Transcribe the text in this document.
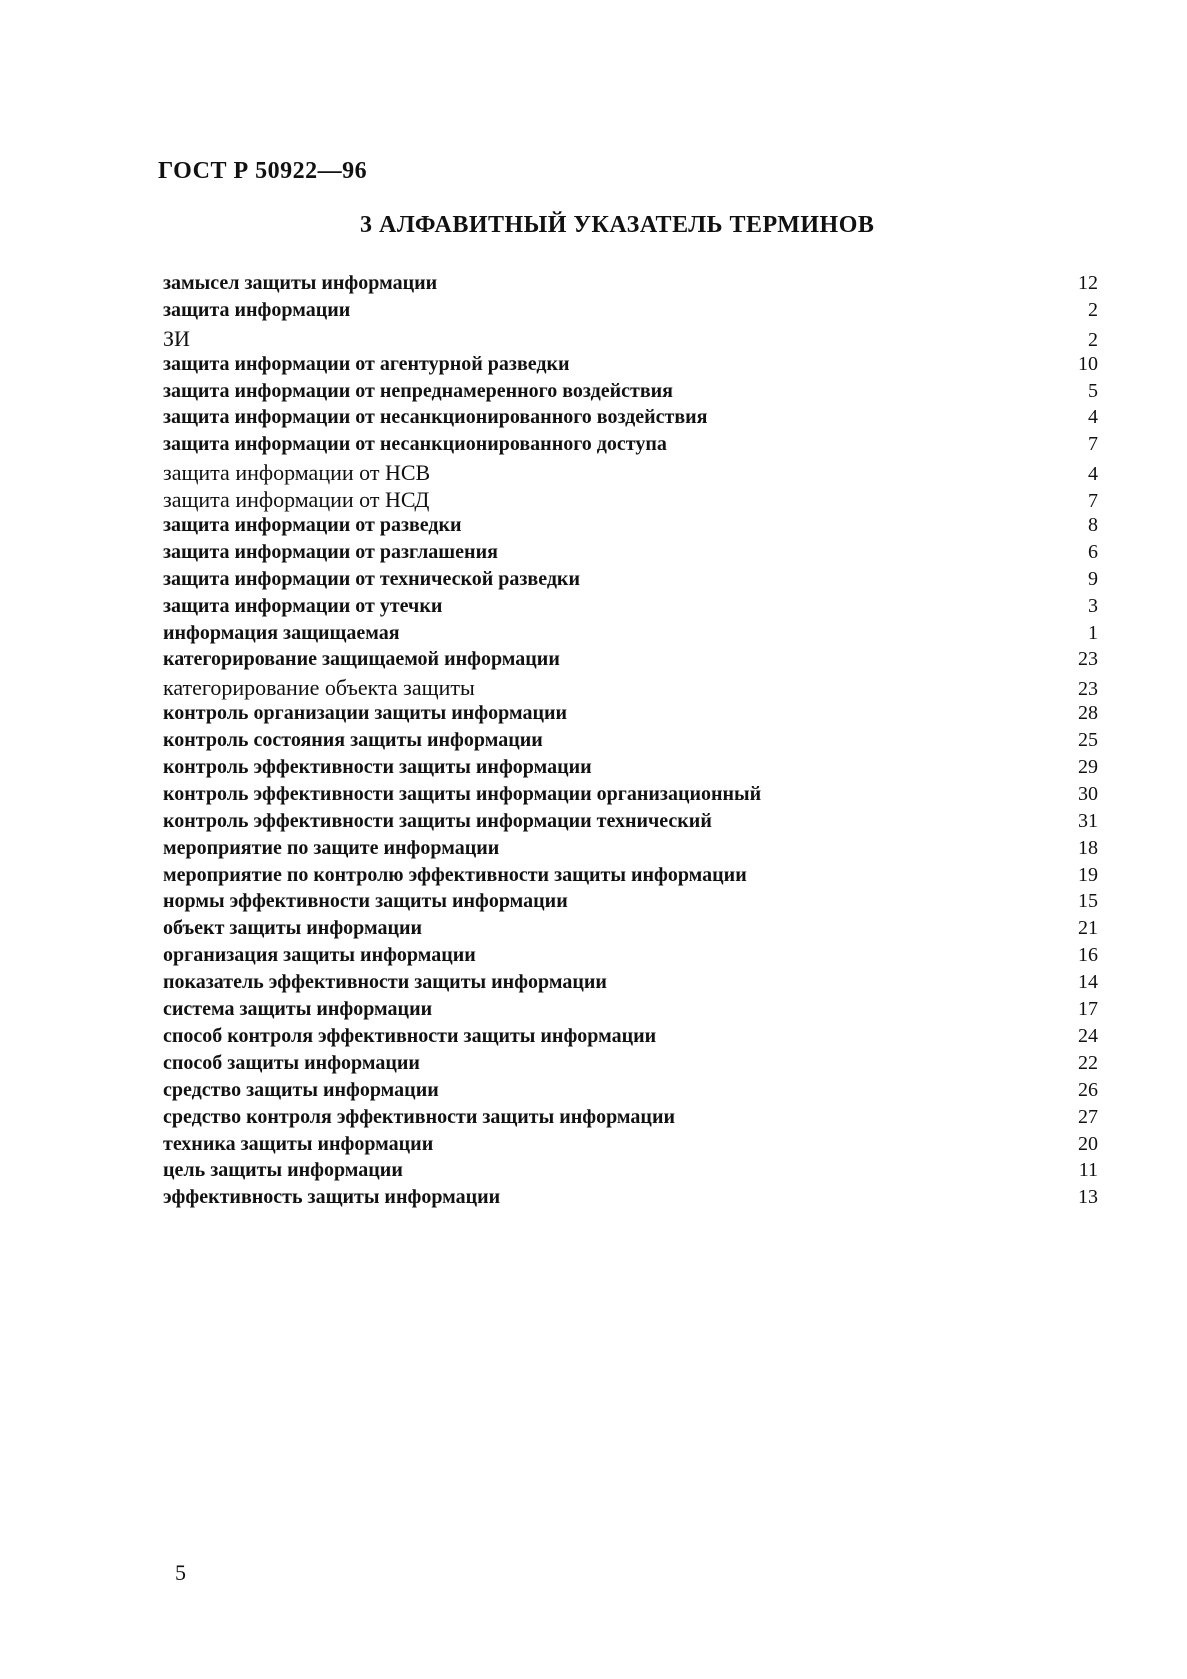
ГОСТ Р 50922—96
3 АЛФАВИТНЫЙ УКАЗАТЕЛЬ ТЕРМИНОВ
замысел защиты информации	12
защита информации	2
ЗИ	2
защита информации от агентурной разведки	10
защита информации от непреднамеренного воздействия	5
защита информации от несанкционированного воздействия	4
защита информации от несанкционированного доступа	7
защита информации от НСВ	4
защита информации от НСД	7
защита информации от разведки	8
защита информации от разглашения	6
защита информации от технической разведки	9
защита информации от утечки	3
информация защищаемая	1
категорирование защищаемой информации	23
категорирование объекта защиты	23
контроль организации защиты информации	28
контроль состояния защиты информации	25
контроль эффективности защиты информации	29
контроль эффективности защиты информации организационный	30
контроль эффективности защиты информации технический	31
мероприятие по защите информации	18
мероприятие по контролю эффективности защиты информации	19
нормы эффективности защиты информации	15
объект защиты информации	21
организация защиты информации	16
показатель эффективности защиты информации	14
система защиты информации	17
способ контроля эффективности защиты информации	24
способ защиты информации	22
средство защиты информации	26
средство контроля эффективности защиты информации	27
техника защиты информации	20
цель защиты информации	11
эффективность защиты информации	13
5
